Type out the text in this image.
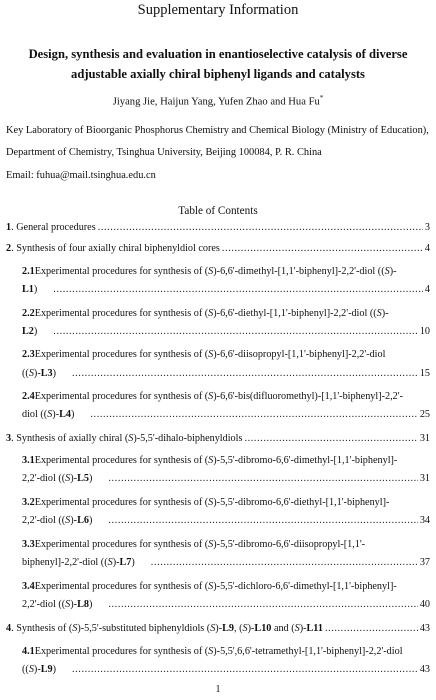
Supplementary Information
Design, synthesis and evaluation in enantioselective catalysis of diverse adjustable axially chiral biphenyl ligands and catalysts
Jiyang Jie, Haijun Yang, Yufen Zhao and Hua Fu*
Key Laboratory of Bioorganic Phosphorus Chemistry and Chemical Biology (Ministry of Education), Department of Chemistry, Tsinghua University, Beijing 100084, P. R. China
Email: fuhua@mail.tsinghua.edu.cn
Table of Contents
1 . General procedures .....	3
2 . Synthesis of four axially chiral biphenyldiol cores .....	4
2.1 Experimental procedures for synthesis of (S)-6,6'-dimethyl-[1,1'-biphenyl]-2,2'-diol ((S)-
L1) .....	4
2.2 Experimental procedures for synthesis of (S)-6,6'-diethyl-[1,1'-biphenyl]-2,2'-diol ((S)-
L2) .....	10
2.3 Experimental procedures for synthesis of (S)-6,6'-diisopropyl-[1,1'-biphenyl]-2,2'-diol
((S)-L3) .....	15
2.4 Experimental procedures for synthesis of (S)-6,6'-bis(difluoromethyl)-[1,1'-biphenyl]-2,2'-
diol ((S)-L4) .....	25
3 . Synthesis of axially chiral (S)-5,5'-dihalo-biphenyldiols .....	31
3.1 Experimental procedures for synthesis of (S)-5,5'-dibromo-6,6'-dimethyl-[1,1'-biphenyl]-
2,2'-diol ((S)-L5) .....	31
3.2 Experimental procedures for synthesis of (S)-5,5'-dibromo-6,6'-diethyl-[1,1'-biphenyl]-
2,2'-diol ((S)-L6) .....	34
3.3 Experimental procedures for synthesis of (S)-5,5'-dibromo-6,6'-diisopropyl-[1,1'-
biphenyl]-2,2'-diol ((S)-L7) .....	37
3.4 Experimental procedures for synthesis of (S)-5,5'-dichloro-6,6'-dimethyl-[1,1'-biphenyl]-
2,2'-diol ((S)-L8) .....	40
4 . Synthesis of (S)-5,5'-substituted biphenyldiols (S)-L9, (S)-L10 and (S)-L11 .....	43
4.1 Experimental procedures for synthesis of (S)-5,5',6,6'-tetramethyl-[1,1'-biphenyl]-2,2'-diol
((S)-L9) .....	43
1
